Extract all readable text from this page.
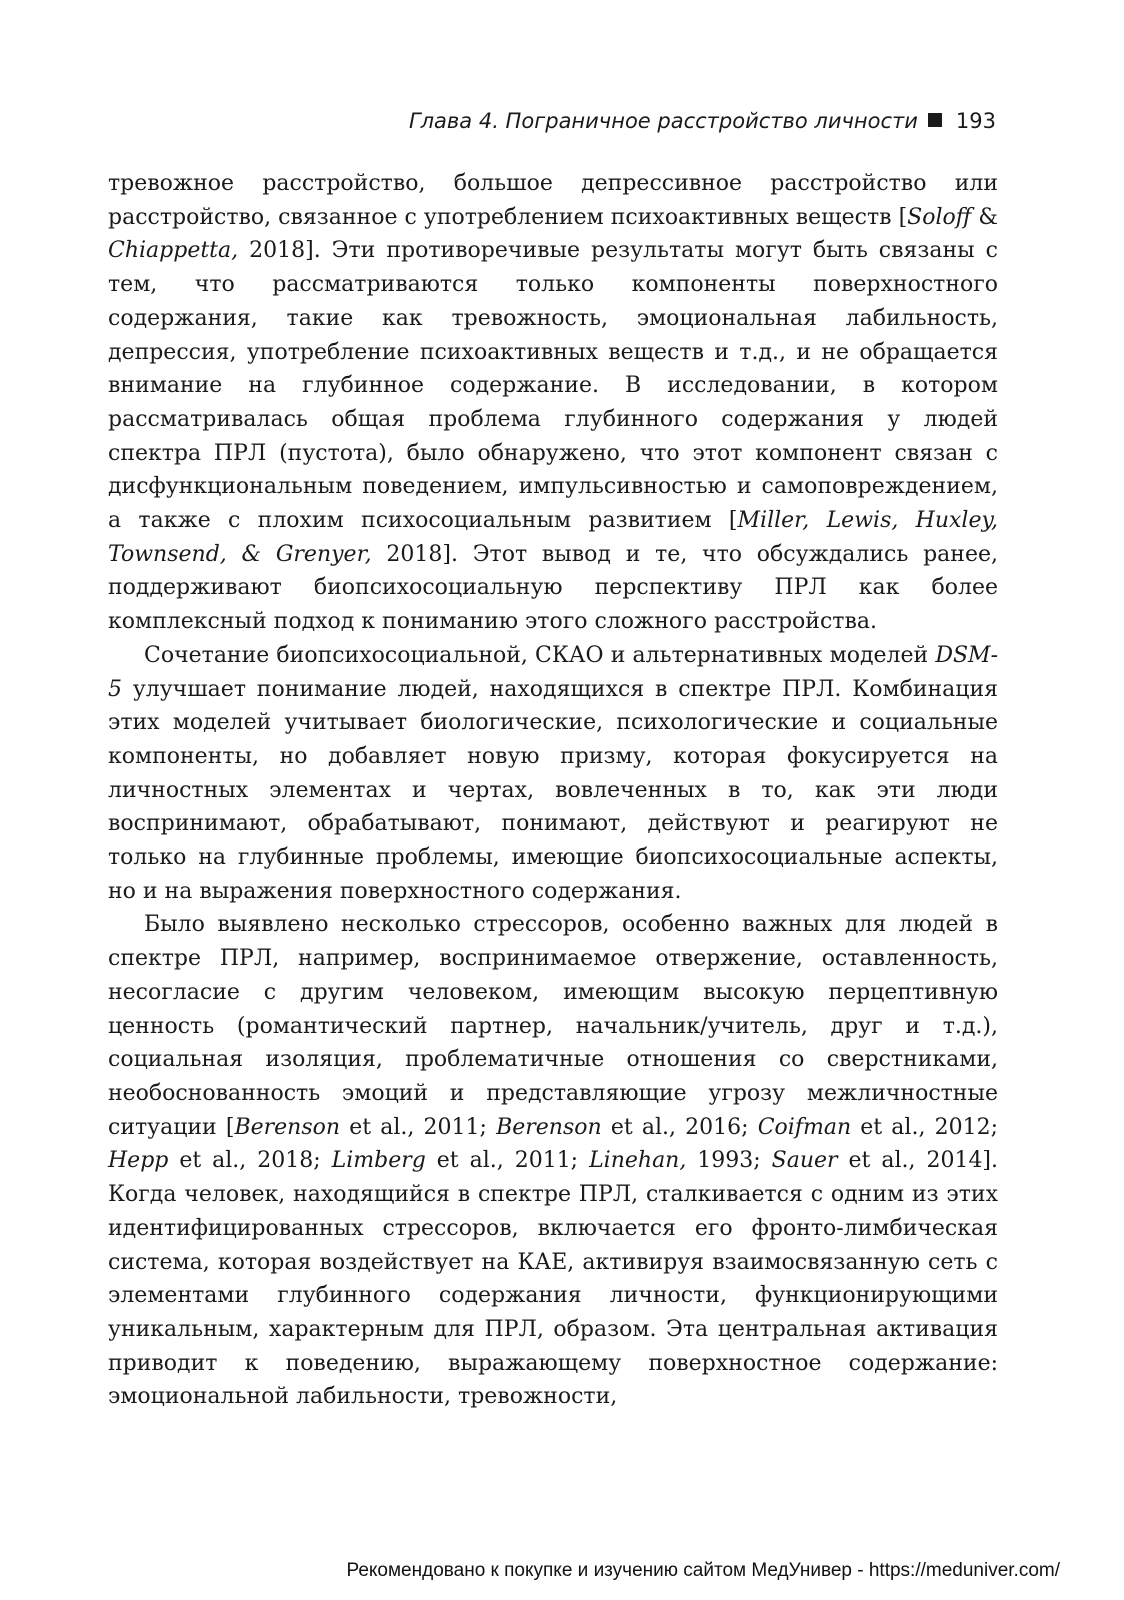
Глава 4. Пограничное расстройство личности 193

тревожное расстройство, большое депрессивное расстройство или расстройство, связанное с употреблением психоактивных веществ [Soloff & Chiappetta, 2018]. Эти противоречивые результаты могут быть связаны с тем, что рассматриваются только компоненты поверхностного содержания, такие как тревожность, эмоциональная лабильность, депрессия, употребление психоактивных веществ и т.д., и не обращается внимание на глубинное содержание. В исследовании, в котором рассматривалась общая проблема глубинного содержания у людей спектра ПРЛ (пустота), было обнаружено, что этот компонент связан с дисфункциональным поведением, импульсивностью и самоповреждением, а также с плохим психосоциальным развитием [Miller, Lewis, Huxley, Townsend, & Grenyer, 2018]. Этот вывод и те, что обсуждались ранее, поддерживают биопсихосоциальную перспективу ПРЛ как более комплексный подход к пониманию этого сложного расстройства.

Сочетание биопсихосоциальной, СКАО и альтернативных моделей DSM-5 улучшает понимание людей, находящихся в спектре ПРЛ. Комбинация этих моделей учитывает биологические, психологические и социальные компоненты, но добавляет новую призму, которая фокусируется на личностных элементах и чертах, вовлеченных в то, как эти люди воспринимают, обрабатывают, понимают, действуют и реагируют не только на глубинные проблемы, имеющие биопсихосоциальные аспекты, но и на выражения поверхностного содержания.

Было выявлено несколько стрессоров, особенно важных для людей в спектре ПРЛ, например, воспринимаемое отвержение, оставленность, несогласие с другим человеком, имеющим высокую перцептивную ценность (романтический партнер, начальник/учитель, друг и т.д.), социальная изоляция, проблематичные отношения со сверстниками, необоснованность эмоций и представляющие угрозу межличностные ситуации [Berenson et al., 2011; Berenson et al., 2016; Coifman et al., 2012; Hepp et al., 2018; Limberg et al., 2011; Linehan, 1993; Sauer et al., 2014]. Когда человек, находящийся в спектре ПРЛ, сталкивается с одним из этих идентифицированных стрессоров, включается его фронто-лимбическая система, которая воздействует на КАЕ, активируя взаимосвязанную сеть с элементами глубинного содержания личности, функционирующими уникальным, характерным для ПРЛ, образом. Эта центральная активация приводит к поведению, выражающему поверхностное содержание: эмоциональной лабильности, тревожности,

Рекомендовано к покупке и изучению сайтом МедУнивер - https://meduniver.com/
